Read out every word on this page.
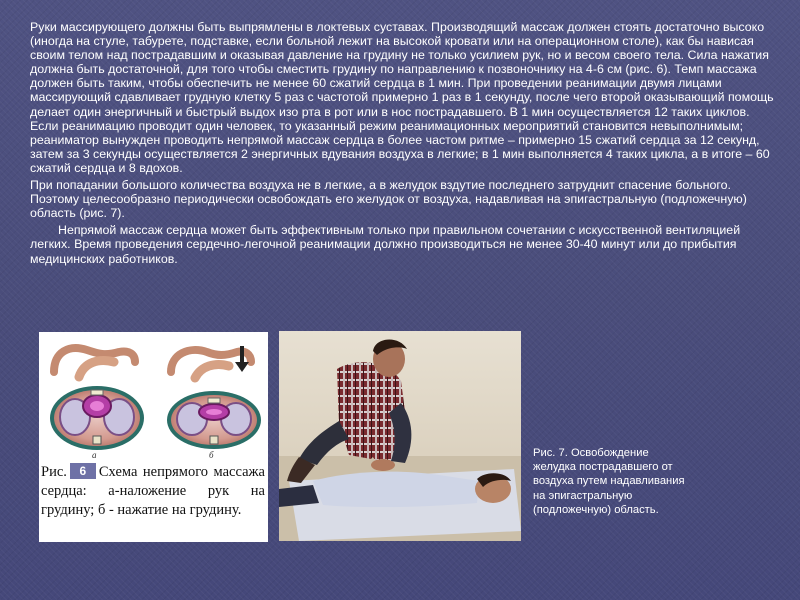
Руки массирующего должны быть выпрямлены в локтевых суставах. Производящий массаж должен стоять достаточно высоко (иногда на стуле, табурете, подставке, если больной лежит на высокой кровати или на операционном столе), как бы нависая своим телом над пострадавшим и оказывая давление на грудину не только усилием рук, но и весом своего тела. Сила нажатия должна быть достаточной, для того чтобы сместить грудину по направлению к позвоночнику на 4-6 см (рис. 6). Темп массажа должен быть таким, чтобы обеспечить не менее 60 сжатий сердца в 1 мин. При проведении реанимации двумя лицами массирующий сдавливает грудную клетку 5 раз с частотой примерно 1 раз в 1 секунду, после чего второй оказывающий помощь делает один энергичный и быстрый выдох изо рта в рот или в нос пострадавшего. В 1 мин осуществляется 12 таких циклов. Если реанимацию проводит один человек, то указанный режим реанимационных мероприятий становится невыполнимым; реаниматор вынужден проводить непрямой массаж сердца в более частом ритме – примерно 15 сжатий сердца за 12 секунд, затем за 3 секунды осуществляется 2 энергичных вдувания воздуха в легкие; в 1 мин выполняется 4 таких цикла, а в итоге – 60 сжатий сердца и 8 вдохов.

При попадании большого количества воздуха не в легкие, а в желудок вздутие последнего затруднит спасение больного. Поэтому целесообразно периодически освобождать его желудок от воздуха, надавливая на эпигастральную (подложечную) область (рис. 7).

Непрямой массаж сердца может быть эффективным только при правильном сочетании с искусственной вентиляцией легких. Время проведения сердечно-легочной реанимации должно производиться не менее 30-40 минут или до прибытия медицинских работников.

а	б
Рис. 6 Схема непрямого массажа сердца: а-наложение рук на грудину; б - нажатие на грудину.
Рис. 7. Освобождение желудка пострадавшего от воздуха путем надавливания на эпигастральную (подложечную) область.
